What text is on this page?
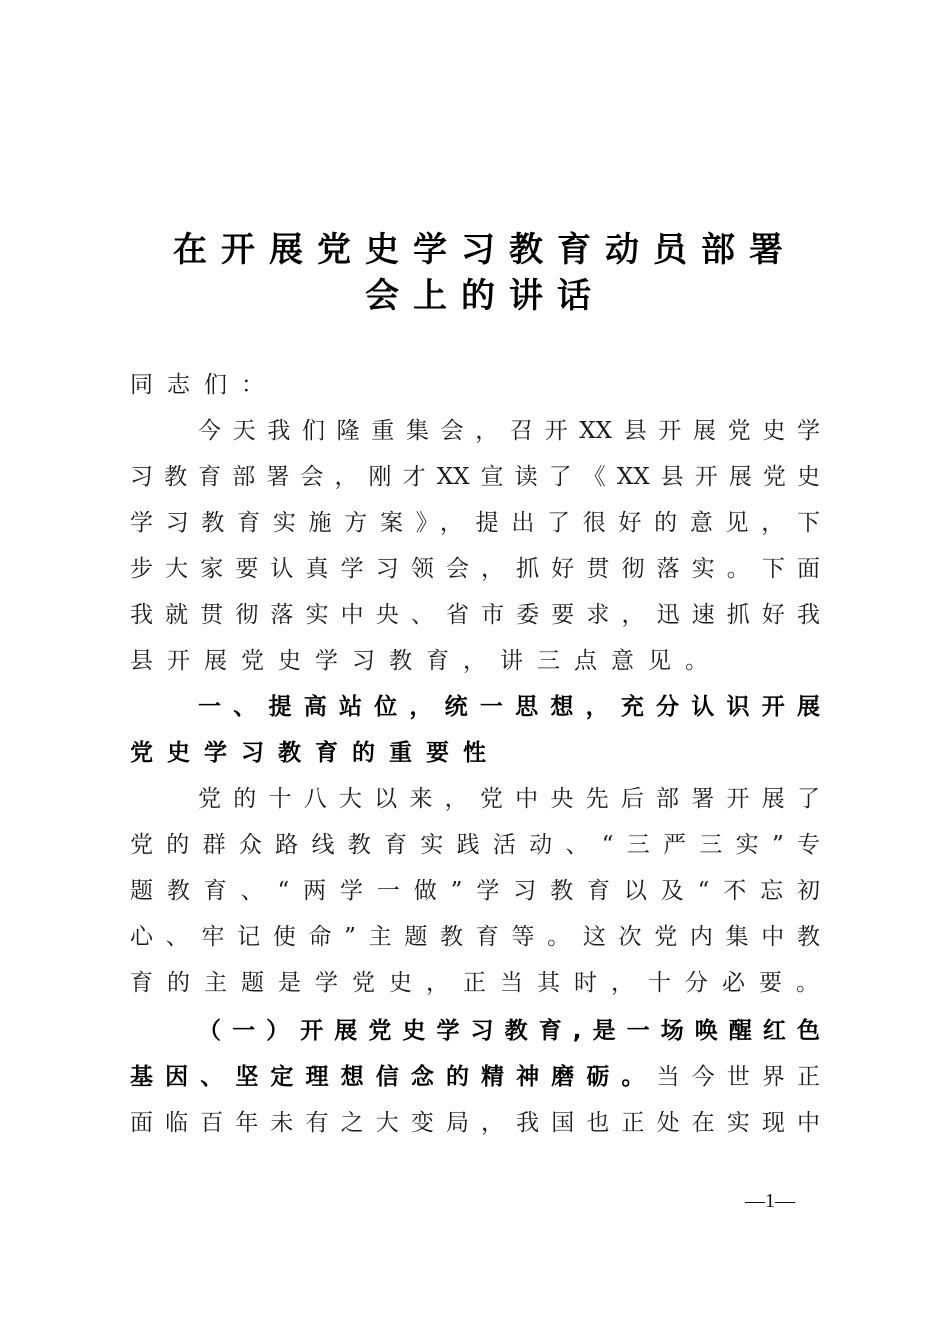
在开展党史学习教育动员部署
会上的讲话
同志们：
今天我们隆重集会，召开XX县开展党史学
习教育部署会，刚才XX宣读了《XX县开展党史
学习教育实施方案》，提出了很好的意见，下
步大家要认真学习领会，抓好贯彻落实。下面
我就贯彻落实中央、省市委要求，迅速抓好我
县开展党史学习教育，讲三点意见。
一、提高站位，统一思想，充分认识开展
党史学习教育的重要性
党的十八大以来，党中央先后部署开展了
党的群众路线教育实践活动、“三严三实”专
题教育、“两学一做”学习教育以及“不忘初
心、牢记使命”主题教育等。这次党内集中教
育的主题是学党史，正当其时，十分必要。
（一）开展党史学习教育,是一场唤醒红色
基因、坚定理想信念的精神磨砺。当今世界正
面临百年未有之大变局，我国也正处在实现中
—1—
